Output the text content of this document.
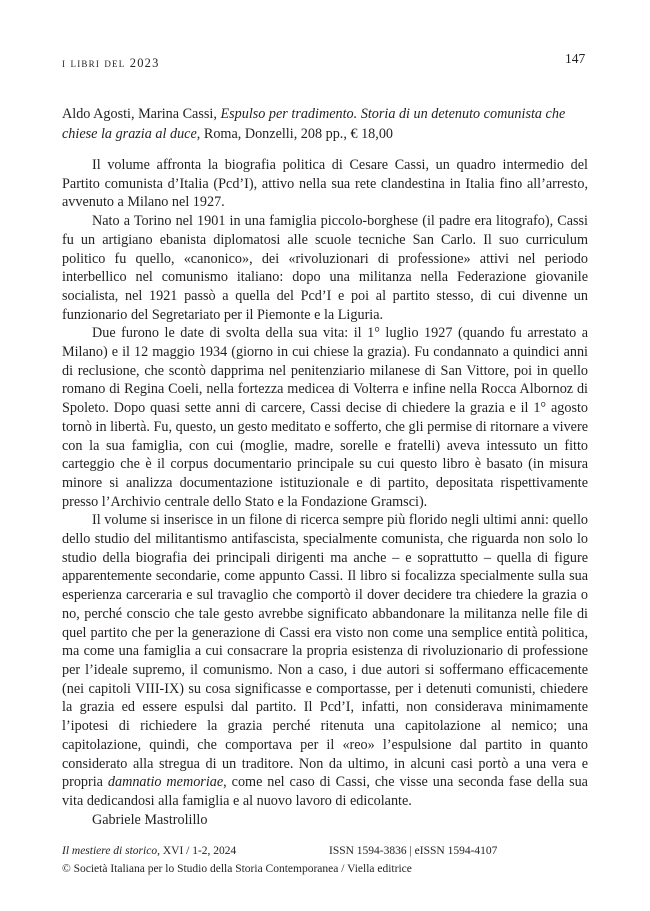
i libri del 2023	147
Aldo Agosti, Marina Cassi, Espulso per tradimento. Storia di un detenuto comunista che chiese la grazia al duce, Roma, Donzelli, 208 pp., € 18,00

Il volume affronta la biografia politica di Cesare Cassi, un quadro intermedio del Partito comunista d’Italia (Pcd’I), attivo nella sua rete clandestina in Italia fino all’arresto, avvenuto a Milano nel 1927.

Nato a Torino nel 1901 in una famiglia piccolo-borghese (il padre era litografo), Cassi fu un artigiano ebanista diplomatosi alle scuole tecniche San Carlo. Il suo curriculum politico fu quello, «canonico», dei «rivoluzionari di professione» attivi nel periodo interbellico nel comunismo italiano: dopo una militanza nella Federazione giovanile socialista, nel 1921 passò a quella del Pcd’I e poi al partito stesso, di cui divenne un funzionario del Segretariato per il Piemonte e la Liguria.

Due furono le date di svolta della sua vita: il 1° luglio 1927 (quando fu arrestato a Milano) e il 12 maggio 1934 (giorno in cui chiese la grazia). Fu condannato a quindici anni di reclusione, che scontò dapprima nel penitenziario milanese di San Vittore, poi in quello romano di Regina Coeli, nella fortezza medicea di Volterra e infine nella Rocca Albornoz di Spoleto. Dopo quasi sette anni di carcere, Cassi decise di chiedere la grazia e il 1° agosto tornò in libertà. Fu, questo, un gesto meditato e sofferto, che gli permise di ritornare a vivere con la sua famiglia, con cui (moglie, madre, sorelle e fratelli) aveva intessuto un fitto carteggio che è il corpus documentario principale su cui questo libro è basato (in misura minore si analizza documentazione istituzionale e di partito, depositata rispettivamente presso l’Archivio centrale dello Stato e la Fondazione Gramsci).

Il volume si inserisce in un filone di ricerca sempre più florido negli ultimi anni: quello dello studio del militantismo antifascista, specialmente comunista, che riguarda non solo lo studio della biografia dei principali dirigenti ma anche – e soprattutto – quella di figure apparentemente secondarie, come appunto Cassi. Il libro si focalizza specialmente sulla sua esperienza carceraria e sul travaglio che comportò il dover decidere tra chiedere la grazia o no, perché conscio che tale gesto avrebbe significato abbandonare la militanza nelle file di quel partito che per la generazione di Cassi era visto non come una semplice entità politica, ma come una famiglia a cui consacrare la propria esistenza di rivoluzionario di professione per l’ideale supremo, il comunismo. Non a caso, i due autori si soffermano efficacemente (nei capitoli VIII-IX) su cosa significasse e comportasse, per i detenuti comunisti, chiedere la grazia ed essere espulsi dal partito. Il Pcd’I, infatti, non considerava minimamente l’ipotesi di richiedere la grazia perché ritenuta una capitolazione al nemico; una capitolazione, quindi, che comportava per il «reo» l’espulsione dal partito in quanto considerato alla stregua di un traditore. Non da ultimo, in alcuni casi portò a una vera e propria damnatio memoriae, come nel caso di Cassi, che visse una seconda fase della sua vita dedicandosi alla famiglia e al nuovo lavoro di edicolante.

Gabriele Mastrolillo

Il mestiere di storico, XVI / 1-2, 2024	ISSN 1594-3836 | eISSN 1594-4107
© Società Italiana per lo Studio della Storia Contemporanea / Viella editrice
